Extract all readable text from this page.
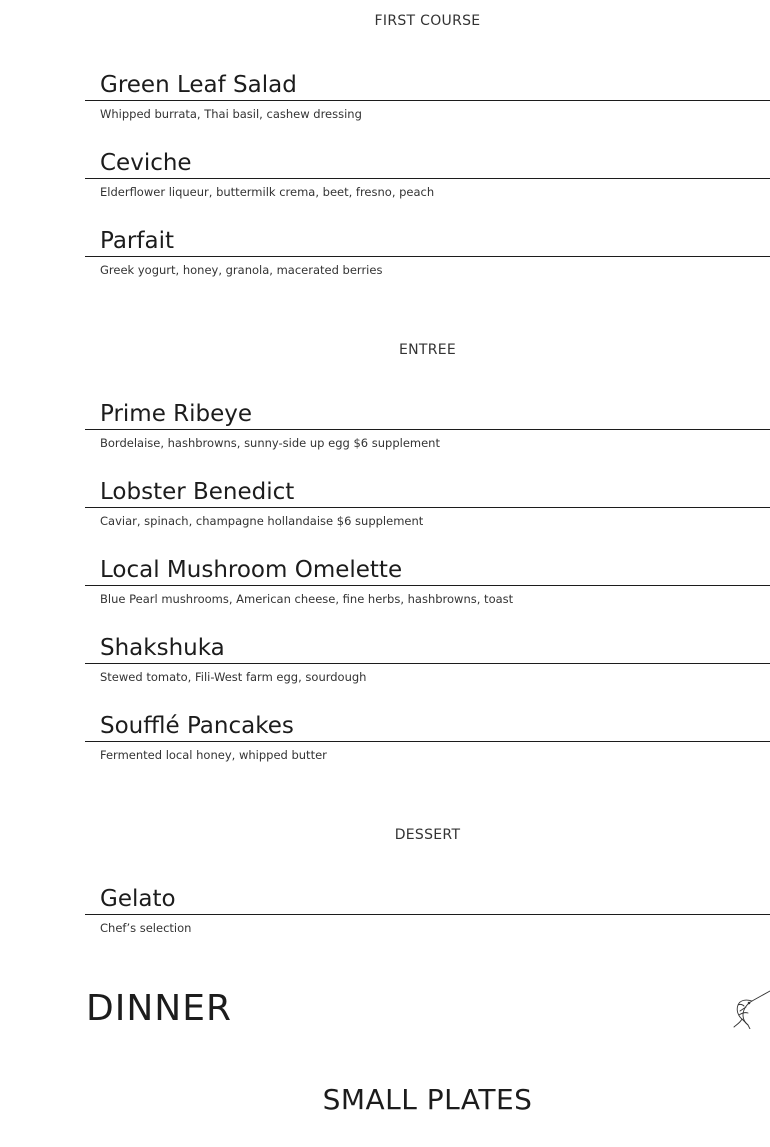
FIRST COURSE
Green Leaf Salad
Whipped burrata, Thai basil, cashew dressing
Ceviche
Elderflower liqueur, buttermilk crema, beet, fresno, peach
Parfait
Greek yogurt, honey, granola, macerated berries
ENTREE
Prime Ribeye
Bordelaise, hashbrowns, sunny-side up egg $6 supplement
Lobster Benedict
Caviar, spinach, champagne hollandaise $6 supplement
Local Mushroom Omelette
Blue Pearl mushrooms, American cheese, fine herbs, hashbrowns, toast
Shakshuka
Stewed tomato, Fili-West farm egg, sourdough
Soufflé Pancakes
Fermented local honey, whipped butter
DESSERT
Gelato
Chef’s selection
DINNER
SMALL PLATES
